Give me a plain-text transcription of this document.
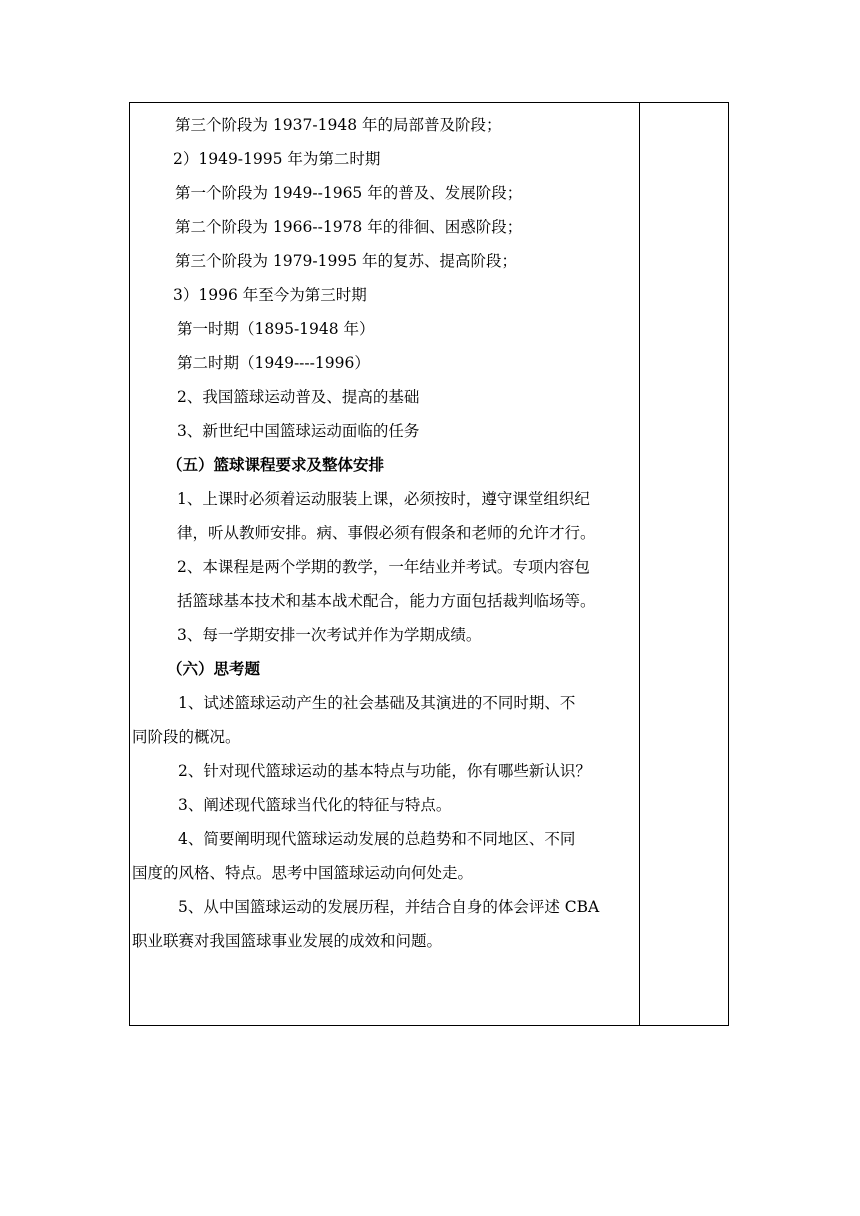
第三个阶段为 1937-1948 年的局部普及阶段；
2）1949-1995 年为第二时期
第一个阶段为 1949--1965 年的普及、发展阶段；
第二个阶段为 1966--1978 年的徘徊、困惑阶段；
第三个阶段为 1979-1995 年的复苏、提高阶段；
3）1996 年至今为第三时期
第一时期（1895-1948 年）
第二时期（1949----1996）
2、我国篮球运动普及、提高的基础
3、新世纪中国篮球运动面临的任务
（五）篮球课程要求及整体安排
1、上课时必须着运动服装上课，必须按时，遵守课堂组织纪
律，听从教师安排。病、事假必须有假条和老师的允许才行。
2、本课程是两个学期的教学，一年结业并考试。专项内容包
括篮球基本技术和基本战术配合，能力方面包括裁判临场等。
3、每一学期安排一次考试并作为学期成绩。
（六）思考题
1、试述篮球运动产生的社会基础及其演进的不同时期、不
同阶段的概况。
2、针对现代篮球运动的基本特点与功能，你有哪些新认识？
3、阐述现代篮球当代化的特征与特点。
4、简要阐明现代篮球运动发展的总趋势和不同地区、不同
国度的风格、特点。思考中国篮球运动向何处走。
5、从中国篮球运动的发展历程，并结合自身的体会评述 CBA
职业联赛对我国篮球事业发展的成效和问题。
